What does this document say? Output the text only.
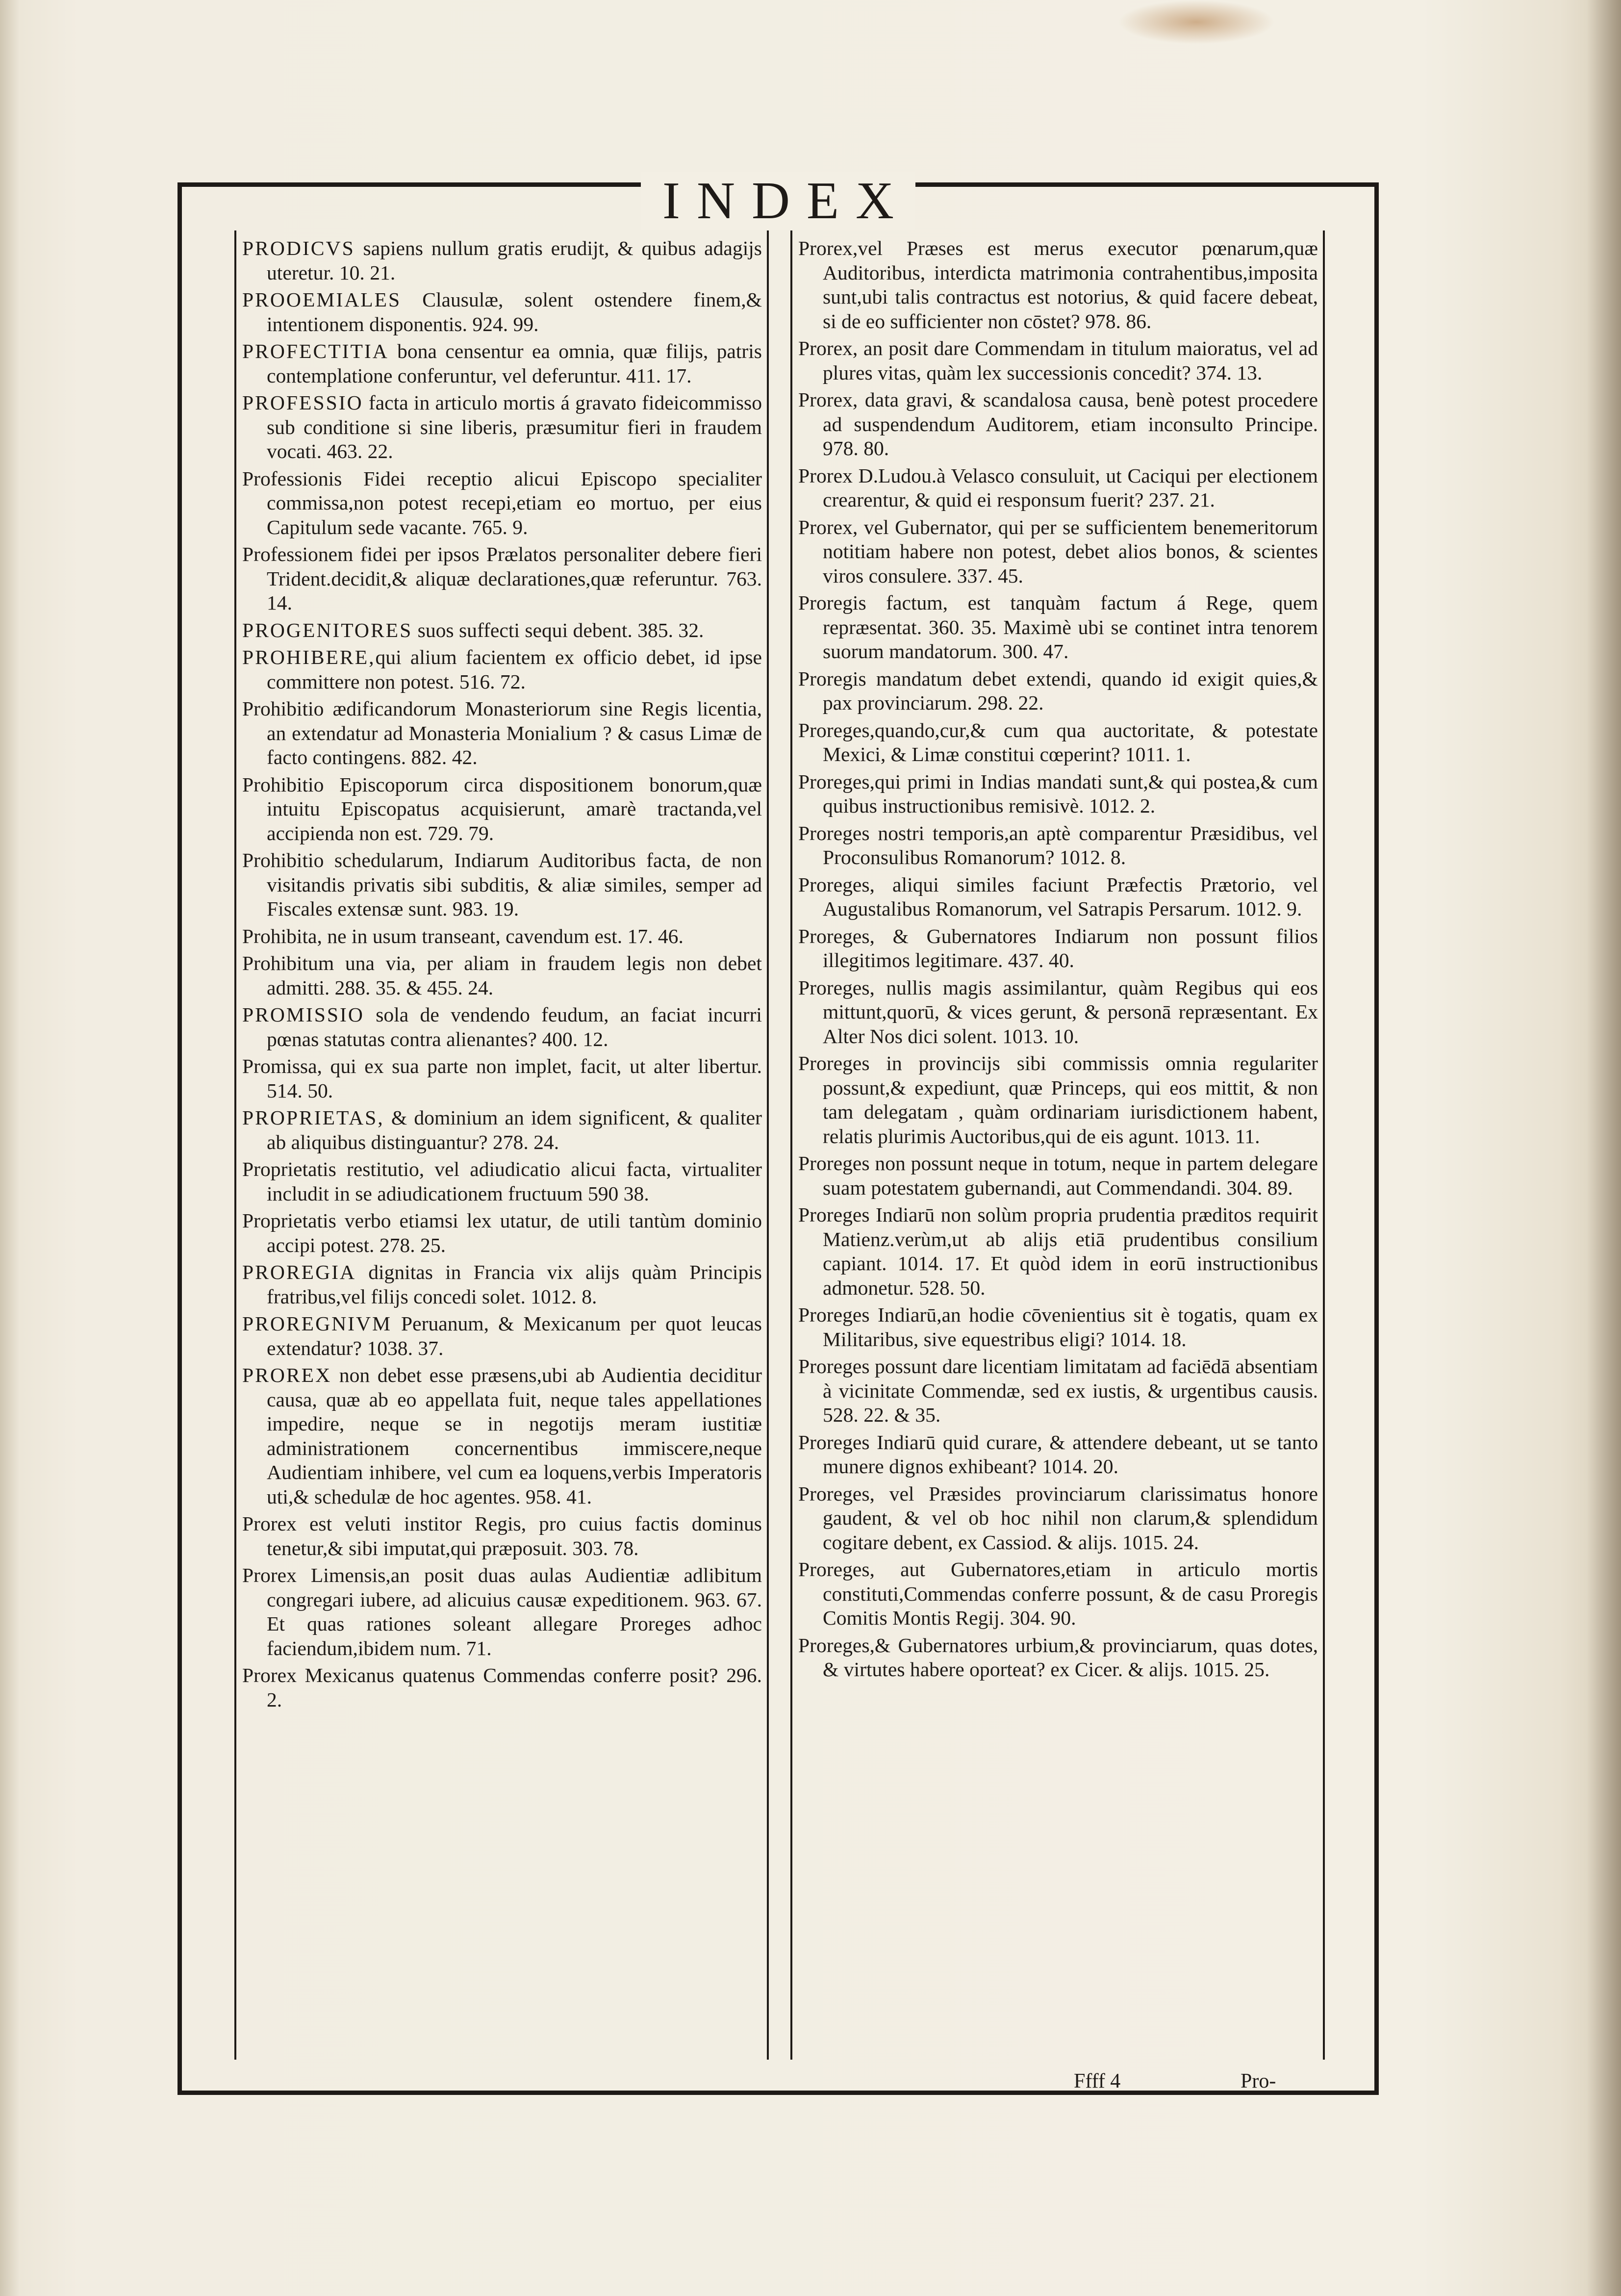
INDEX
PRODICVS sapiens nullum gratis erudijt, & quibus adagijs uteretur. 10. 21.
PROOEMIALES Clausulæ, solent ostendere finem,& intentionem disponentis. 924. 99.
PROFECTITIA bona censentur ea omnia, quæ filijs, patris contemplatione conferuntur, vel deferuntur. 411. 17.
PROFESSIO facta in articulo mortis á gravato fideicommisso sub conditione si sine liberis, præsumitur fieri in fraudem vocati. 463. 22.
Professionis Fidei receptio alicui Episcopo specialiter commissa,non potest recepi,etiam eo mortuo, per eius Capitulum sede vacante. 765. 9.
Professionem fidei per ipsos Prælatos personaliter debere fieri Trident.decidit,& aliquæ declarationes,quæ referuntur. 763. 14.
PROGENITORES suos suffecti sequi debent. 385. 32.
PROHIBERE,qui alium facientem ex officio debet, id ipse committere non potest. 516. 72.
Prohibitio ædificandorum Monasteriorum sine Regis licentia, an extendatur ad Monasteria Monialium ? & casus Limæ de facto contingens. 882. 42.
Prohibitio Episcoporum circa dispositionem bonorum,quæ intuitu Episcopatus acquisierunt, amarè tractanda,vel accipienda non est. 729. 79.
Prohibitio schedularum, Indiarum Auditoribus facta, de non visitandis privatis sibi subditis, & aliæ similes, semper ad Fiscales extensæ sunt. 983. 19.
Prohibita, ne in usum transeant, cavendum est. 17. 46.
Prohibitum una via, per aliam in fraudem legis non debet admitti. 288. 35. & 455. 24.
PROMISSIO sola de vendendo feudum, an faciat incurri pœnas statutas contra alienantes? 400. 12.
Promissa, qui ex sua parte non implet, facit, ut alter libertur. 514. 50.
PROPRIETAS, & dominium an idem significent, & qualiter ab aliquibus distinguantur? 278. 24.
Proprietatis restitutio, vel adiudicatio alicui facta, virtualiter includit in se adiudicationem fructuum 590 38.
Proprietatis verbo etiamsi lex utatur, de utili tantùm dominio accipi potest. 278. 25.
PROREGIA dignitas in Francia vix alijs quàm Principis fratribus,vel filijs concedi solet. 1012. 8.
PROREGNIVM Peruanum, & Mexicanum per quot leucas extendatur? 1038. 37.
PROREX non debet esse præsens,ubi ab Audientia deciditur causa, quæ ab eo appellata fuit, neque tales appellationes impedire, neque se in negotijs meram iustitiæ administrationem concernentibus immiscere,neque Audientiam inhibere, vel cum ea loquens,verbis Imperatoris uti,& schedulæ de hoc agentes. 958. 41.
Prorex est veluti institor Regis, pro cuius factis dominus tenetur,& sibi imputat,qui præposuit. 303. 78.
Prorex Limensis,an posit duas aulas Audientiæ adlibitum congregari iubere, ad alicuius causæ expeditionem. 963. 67. Et quas rationes soleant allegare Proreges adhoc faciendum,ibidem num. 71.
Prorex Mexicanus quatenus Commendas conferre posit? 296. 2.
Prorex,vel Præses est merus executor pœnarum,quæ Auditoribus, interdicta matrimonia contrahentibus,imposita sunt,ubi talis contractus est notorius, & quid facere debeat, si de eo sufficienter non cōstet? 978. 86.
Prorex, an posit dare Commendam in titulum maioratus, vel ad plures vitas, quàm lex successionis concedit? 374. 13.
Prorex, data gravi, & scandalosa causa, benè potest procedere ad suspendendum Auditorem, etiam inconsulto Principe. 978. 80.
Prorex D.Ludou.à Velasco consuluit, ut Caciqui per electionem crearentur, & quid ei responsum fuerit? 237. 21.
Prorex, vel Gubernator, qui per se sufficientem benemeritorum notitiam habere non potest, debet alios bonos, & scientes viros consulere. 337. 45.
Proregis factum, est tanquàm factum á Rege, quem repræsentat. 360. 35. Maximè ubi se continet intra tenorem suorum mandatorum. 300. 47.
Proregis mandatum debet extendi, quando id exigit quies,& pax provinciarum. 298. 22.
Proreges,quando,cur,& cum qua auctoritate, & potestate Mexici, & Limæ constitui cœperint? 1011. 1.
Proreges,qui primi in Indias mandati sunt,& qui postea,& cum quibus instructionibus remisivè. 1012. 2.
Proreges nostri temporis,an aptè comparentur Præsidibus, vel Proconsulibus Romanorum? 1012. 8.
Proreges, aliqui similes faciunt Præfectis Prætorio, vel Augustalibus Romanorum, vel Satrapis Persarum. 1012. 9.
Proreges, & Gubernatores Indiarum non possunt filios illegitimos legitimare. 437. 40.
Proreges, nullis magis assimilantur, quàm Regibus qui eos mittunt,quorū, & vices gerunt, & personā repræsentant. Ex Alter Nos dici solent. 1013. 10.
Proreges in provincijs sibi commissis omnia regulariter possunt,& expediunt, quæ Princeps, qui eos mittit, & non tam delegatam , quàm ordinariam iurisdictionem habent, relatis plurimis Auctoribus,qui de eis agunt. 1013. 11.
Proreges non possunt neque in totum, neque in partem delegare suam potestatem gubernandi, aut Commendandi. 304. 89.
Proreges Indiarū non solùm propria prudentia præditos requirit Matienz.verùm,ut ab alijs etiā prudentibus consilium capiant. 1014. 17. Et quòd idem in eorū instructionibus admonetur. 528. 50.
Proreges Indiarū,an hodie cōvenientius sit è togatis, quam ex Militaribus, sive equestribus eligi? 1014. 18.
Proreges possunt dare licentiam limitatam ad faciēdā absentiam à vicinitate Commendæ, sed ex iustis, & urgentibus causis. 528. 22. & 35.
Proreges Indiarū quid curare, & attendere debeant, ut se tanto munere dignos exhibeant? 1014. 20.
Proreges, vel Præsides provinciarum clarissimatus honore gaudent, & vel ob hoc nihil non clarum,& splendidum cogitare debent, ex Cassiod. & alijs. 1015. 24.
Proreges, aut Gubernatores,etiam in articulo mortis constituti,Commendas conferre possunt, & de casu Proregis Comitis Montis Regij. 304. 90.
Proreges,& Gubernatores urbium,& provinciarum, quas dotes, & virtutes habere oporteat? ex Cicer. & alijs. 1015. 25.
Ffff 4	Pro-
